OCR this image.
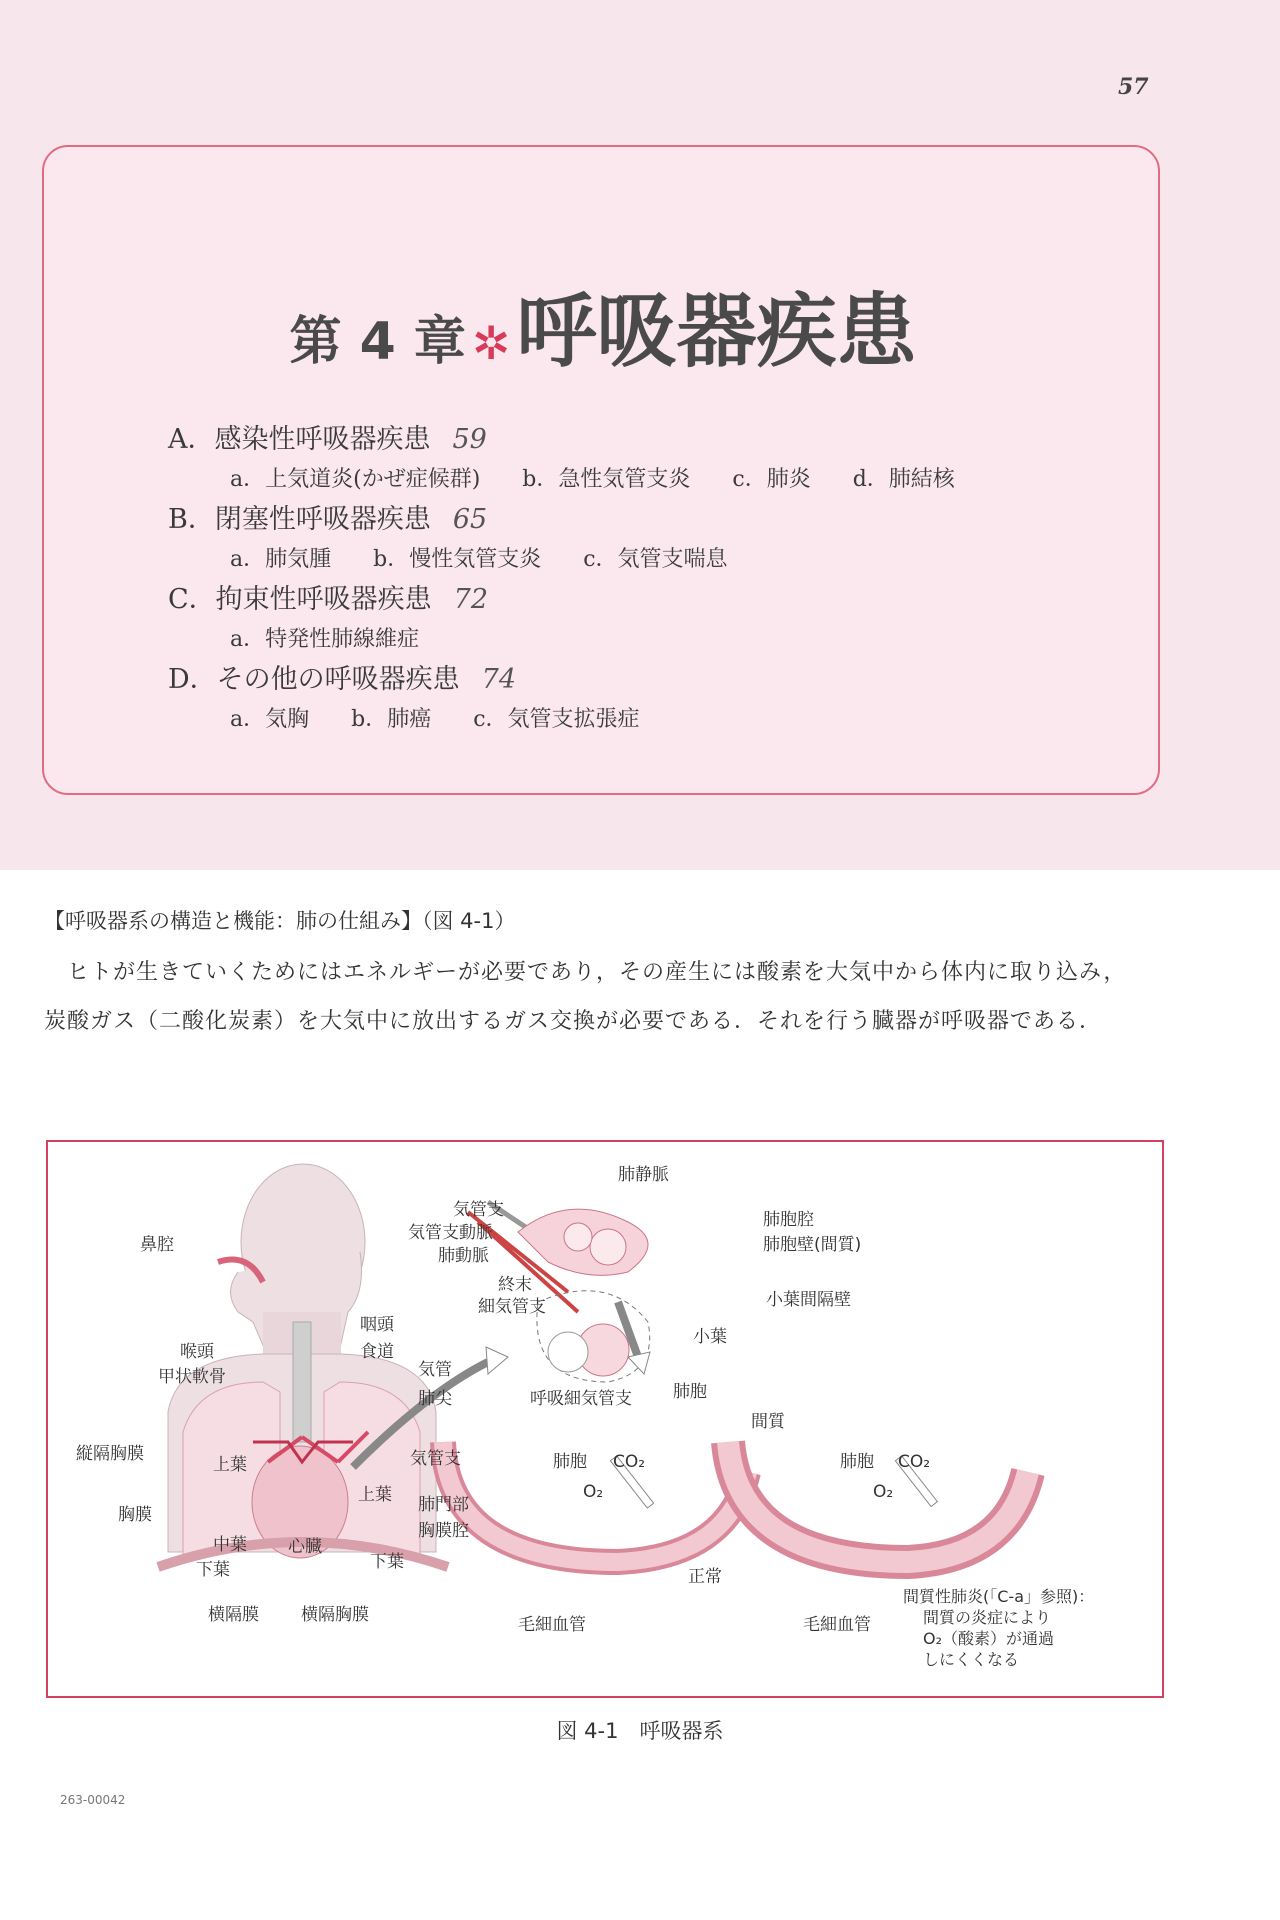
57
第 4 章 ✲呼吸器疾患
A．感染性呼吸器疾患 59
a．上気道炎(かぜ症候群) b．急性気管支炎 c．肺炎 d．肺結核
B．閉塞性呼吸器疾患 65
a．肺気腫 b．慢性気管支炎 c．気管支喘息
C．拘束性呼吸器疾患 72
a．特発性肺線維症
D．その他の呼吸器疾患 74
a．気胸 b．肺癌 c．気管支拡張症
【呼吸器系の構造と機能：肺の仕組み】（図 4-1）
　ヒトが生きていくためにはエネルギーが必要であり，その産生には酸素を大気中から体内に取り込み，
炭酸ガス（二酸化炭素）を大気中に放出するガス交換が必要である．それを行う臓器が呼吸器である．
鼻腔
咽頭
食道
喉頭
甲状軟骨	気管
肺尖
縦隔胸膜
上葉	気管支
上葉
胸膜	肺門部
胸膜腔
中葉 心臓
下葉	下葉
横隔膜 横隔胸膜
肺静脈
気管支
気管支動脈
肺動脈
肺胞腔
肺胞壁(間質)
終末
細気管支	小葉間隔壁
小葉
肺胞
呼吸細気管支
間質
肺胞 CO₂
O₂
正常
毛細血管
肺胞 CO₂
O₂
毛細血管
間質性肺炎(「C-a」参照)：
間質の炎症により
O₂（酸素）が通過
しにくくなる
図 4-1　呼吸器系
263-00042
